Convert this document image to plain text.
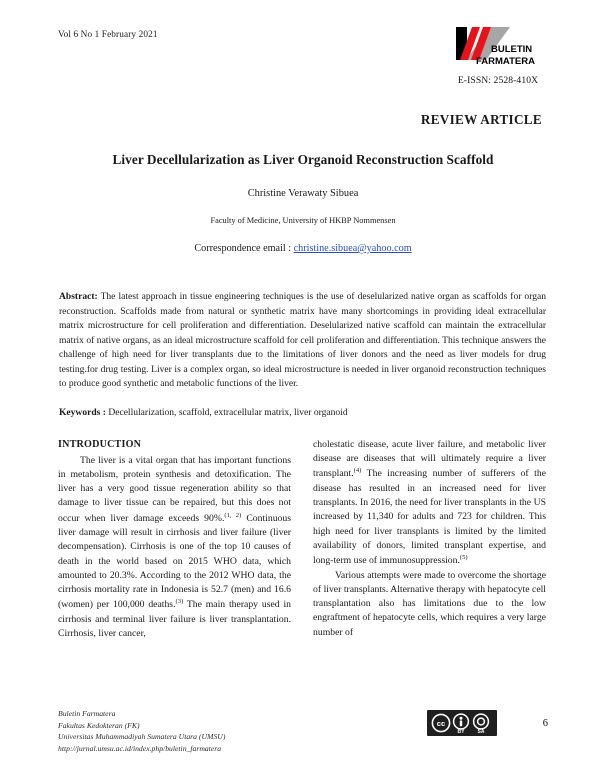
Vol 6 No 1 February 2021
BULETIN
FARMATERA
E-ISSN: 2528-410X
REVIEW ARTICLE
Liver Decellularization as Liver Organoid Reconstruction Scaffold
Christine Verawaty Sibuea
Faculty of Medicine, University of HKBP Nommensen
Correspondence email : christine.sibuea@yahoo.com
Abstract: The latest approach in tissue engineering techniques is the use of deselularized native organ as scaffolds for organ reconstruction. Scaffolds made from natural or synthetic matrix have many shortcomings in providing ideal extracellular matrix microstructure for cell proliferation and differentiation. Deselularized native scaffold can maintain the extracellular matrix of native organs, as an ideal microstructure scaffold for cell proliferation and differentiation. This technique answers the challenge of high need for liver transplants due to the limitations of liver donors and the need as liver models for drug testing.for drug testing. Liver is a complex organ, so ideal microstructure is needed in liver organoid reconstruction techniques to produce good synthetic and metabolic functions of the liver.
Keywords : Decellularization, scaffold, extracellular matrix, liver organoid
INTRODUCTION

The liver is a vital organ that has important functions in metabolism, protein synthesis and detoxification. The liver has a very good tissue regeneration ability so that damage to liver tissue can be repaired, but this does not occur when liver damage exceeds 90%.$^{(1, 2)}$ Continuous liver damage will result in cirrhosis and liver failure (liver decompensation). Cirrhosis is one of the top 10 causes of death in the world based on 2015 WHO data, which amounted to 20.3%. According to the 2012 WHO data, the cirrhosis mortality rate in Indonesia is 52.7 (men) and 16.6 (women) per 100,000 deaths.$^{(3)}$ The main therapy used in cirrhosis and terminal liver failure is liver transplantation. Cirrhosis, liver cancer,

cholestatic disease, acute liver failure, and metabolic liver disease are diseases that will ultimately require a liver transplant.$^{(4)}$ The increasing number of sufferers of the disease has resulted in an increased need for liver transplants. In 2016, the need for liver transplants in the US increased by 11,340 for adults and 723 for children. This high need for liver transplants is limited by the limited availability of donors, limited transplant expertise, and long-term use of immunosuppression.$^{(5)}$

Various attempts were made to overcome the shortage of liver transplants. Alternative therapy with hepatocyte cell transplantation also has limitations due to the low engraftment of hepatocyte cells, which requires a very large number of

Buletin Farmatera
Fakultas Kedokteran (FK)
Universitas Muhammadiyah Sumatera Utara (UMSU)
http://jurnal.umsu.ac.id/index.php/buletin_farmatera
cc
BY	SA
6
